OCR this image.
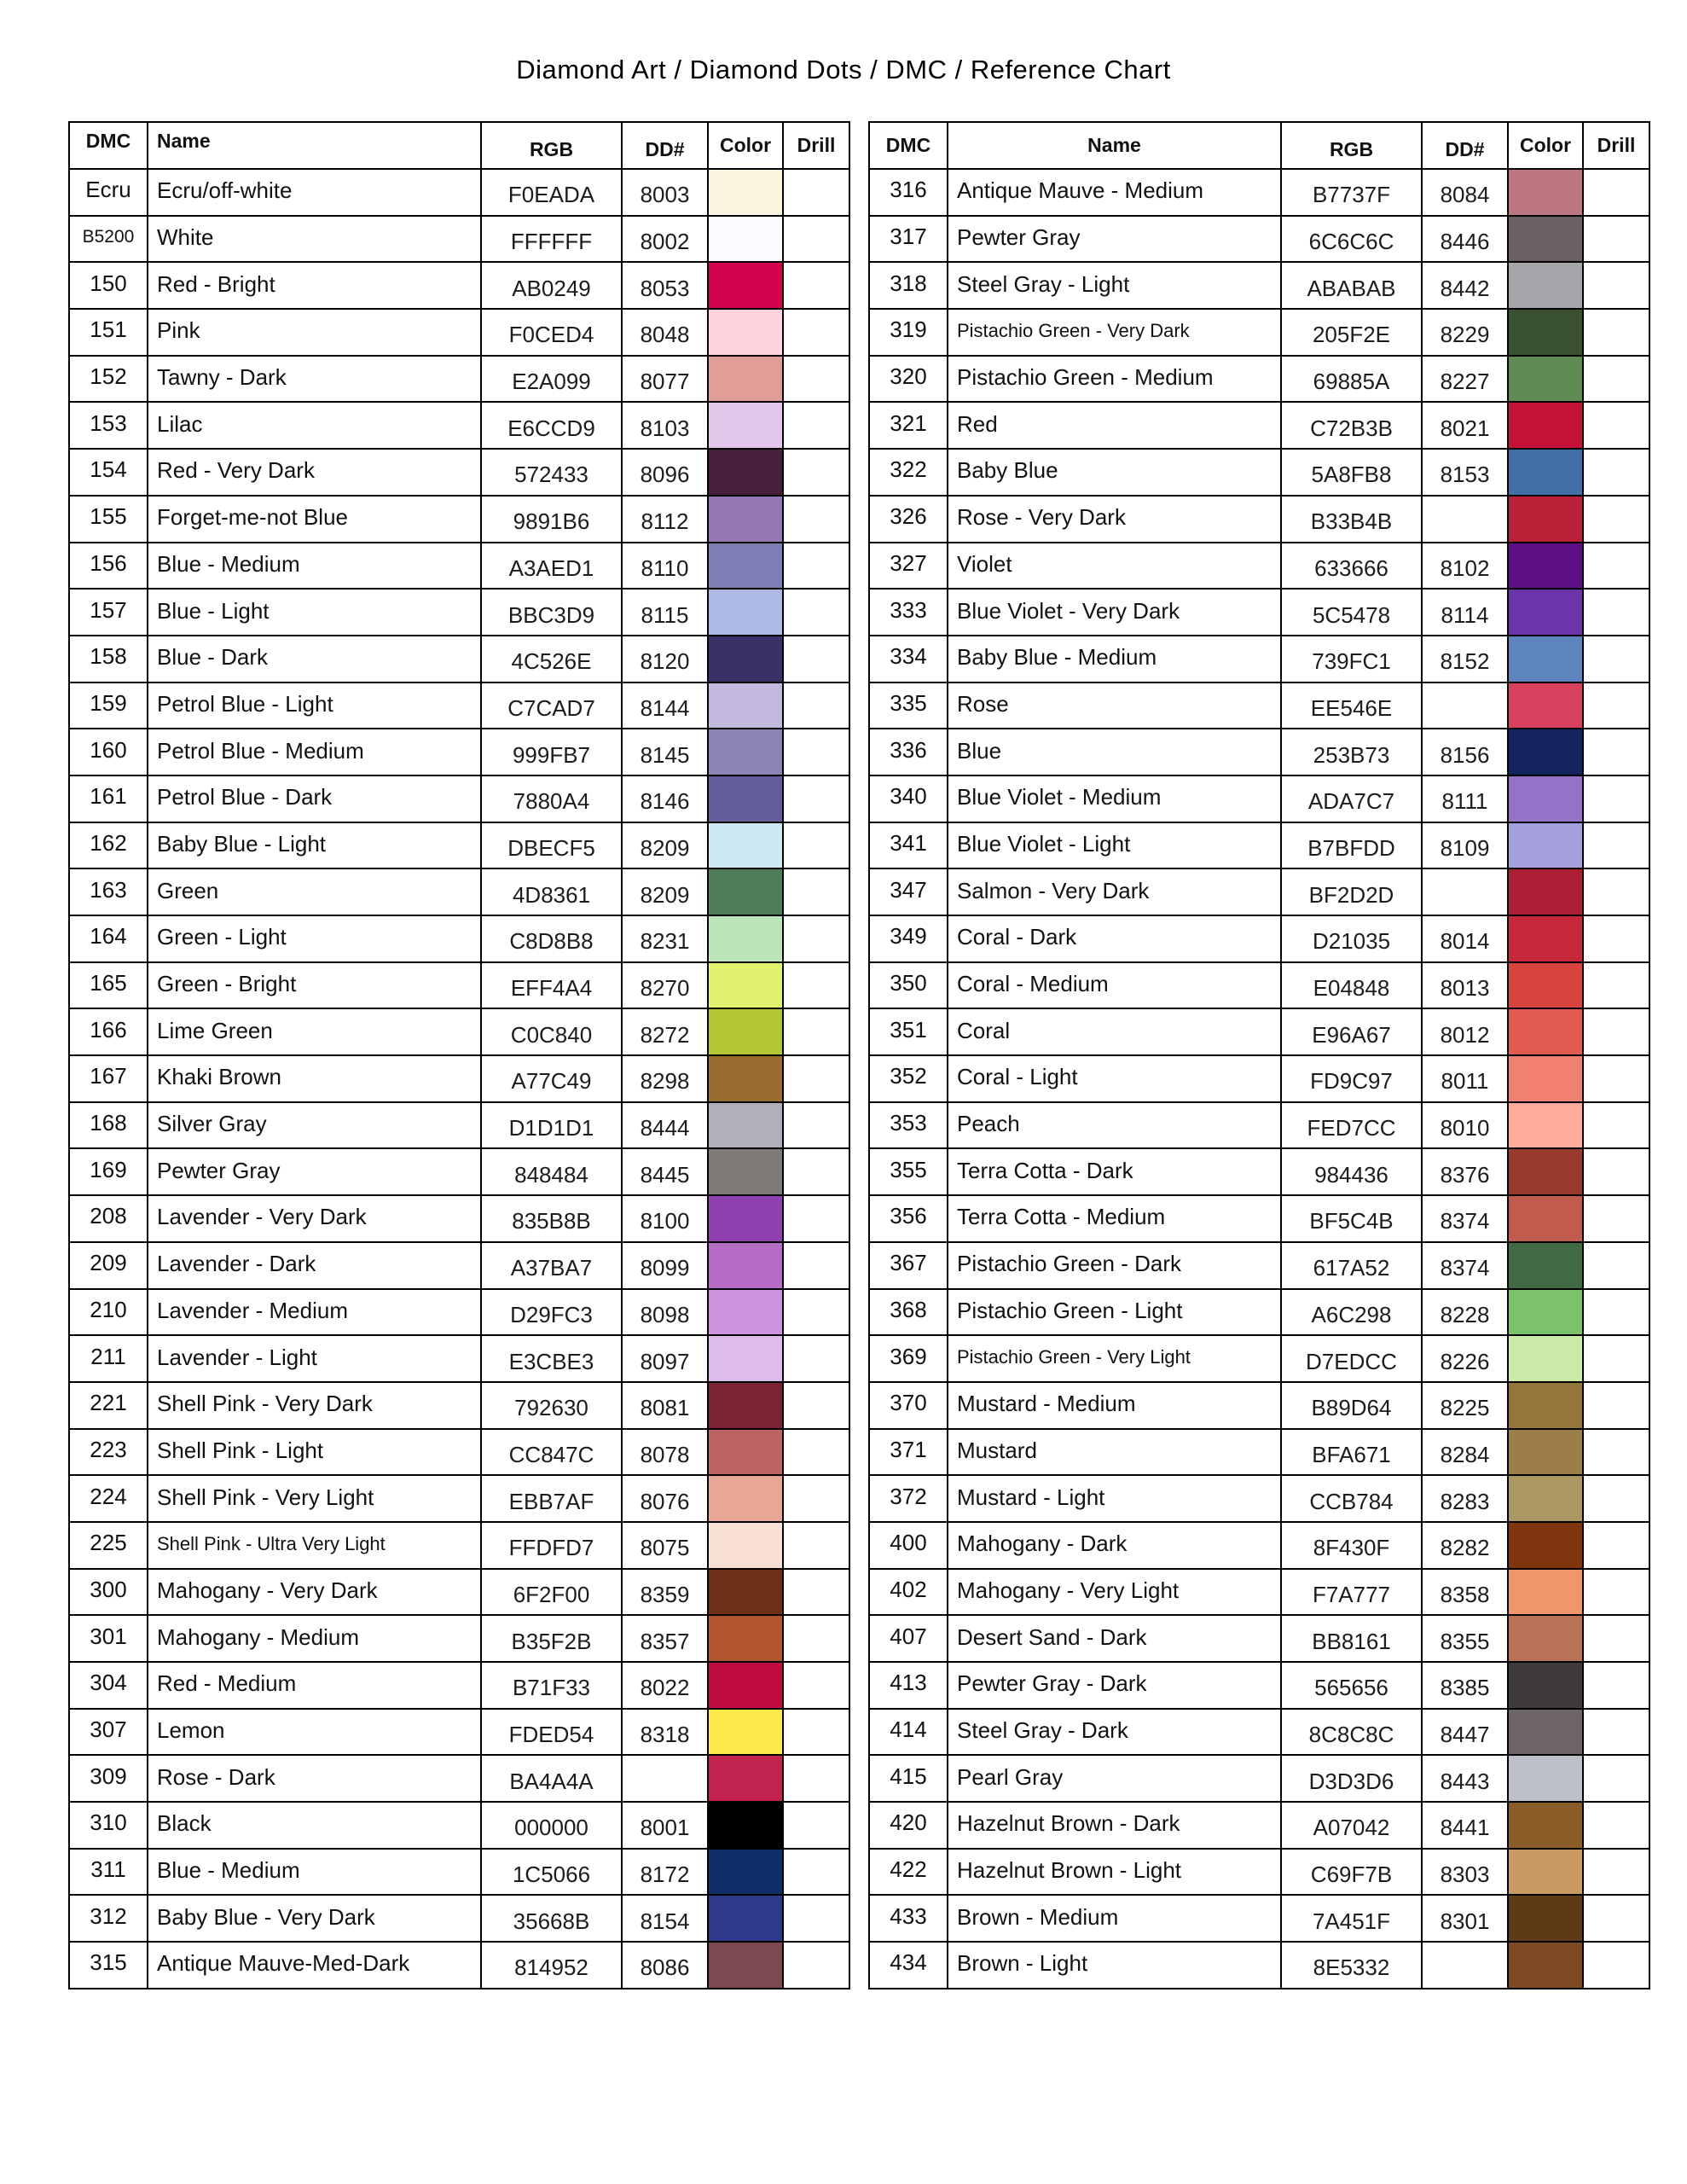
Diamond Art / Diamond Dots / DMC / Reference Chart
DMC	Name	RGB	DD#	Color	Drill
Ecru	Ecru/off-white	F0EADA	8003		
B5200	White	FFFFFF	8002		
150	Red - Bright	AB0249	8053		
151	Pink	F0CED4	8048		
152	Tawny - Dark	E2A099	8077		
153	Lilac	E6CCD9	8103		
154	Red - Very Dark	572433	8096		
155	Forget-me-not Blue	9891B6	8112		
156	Blue - Medium	A3AED1	8110		
157	Blue - Light	BBC3D9	8115		
158	Blue - Dark	4C526E	8120		
159	Petrol Blue - Light	C7CAD7	8144		
160	Petrol Blue - Medium	999FB7	8145		
161	Petrol Blue - Dark	7880A4	8146		
162	Baby Blue - Light	DBECF5	8209		
163	Green	4D8361	8209		
164	Green - Light	C8D8B8	8231		
165	Green - Bright	EFF4A4	8270		
166	Lime Green	C0C840	8272		
167	Khaki Brown	A77C49	8298		
168	Silver Gray	D1D1D1	8444		
169	Pewter Gray	848484	8445		
208	Lavender - Very Dark	835B8B	8100		
209	Lavender - Dark	A37BA7	8099		
210	Lavender - Medium	D29FC3	8098		
211	Lavender - Light	E3CBE3	8097		
221	Shell Pink - Very Dark	792630	8081		
223	Shell Pink - Light	CC847C	8078		
224	Shell Pink - Very Light	EBB7AF	8076		
225	Shell Pink - Ultra Very Light	FFDFD7	8075		
300	Mahogany - Very Dark	6F2F00	8359		
301	Mahogany - Medium	B35F2B	8357		
304	Red - Medium	B71F33	8022		
307	Lemon	FDED54	8318		
309	Rose - Dark	BA4A4A			
310	Black	000000	8001		
311	Blue - Medium	1C5066	8172		
312	Baby Blue - Very Dark	35668B	8154		
315	Antique Mauve-Med-Dark	814952	8086		
DMC	Name	RGB	DD#	Color	Drill
316	Antique Mauve - Medium	B7737F	8084		
317	Pewter Gray	6C6C6C	8446		
318	Steel Gray - Light	ABABAB	8442		
319	Pistachio Green - Very Dark	205F2E	8229		
320	Pistachio Green - Medium	69885A	8227		
321	Red	C72B3B	8021		
322	Baby Blue	5A8FB8	8153		
326	Rose - Very Dark	B33B4B			
327	Violet	633666	8102		
333	Blue Violet - Very Dark	5C5478	8114		
334	Baby Blue - Medium	739FC1	8152		
335	Rose	EE546E			
336	Blue	253B73	8156		
340	Blue Violet - Medium	ADA7C7	8111		
341	Blue Violet - Light	B7BFDD	8109		
347	Salmon - Very Dark	BF2D2D			
349	Coral - Dark	D21035	8014		
350	Coral - Medium	E04848	8013		
351	Coral	E96A67	8012		
352	Coral - Light	FD9C97	8011		
353	Peach	FED7CC	8010		
355	Terra Cotta - Dark	984436	8376		
356	Terra Cotta - Medium	BF5C4B	8374		
367	Pistachio Green - Dark	617A52	8374		
368	Pistachio Green - Light	A6C298	8228		
369	Pistachio Green - Very Light	D7EDCC	8226		
370	Mustard - Medium	B89D64	8225		
371	Mustard	BFA671	8284		
372	Mustard - Light	CCB784	8283		
400	Mahogany - Dark	8F430F	8282		
402	Mahogany - Very Light	F7A777	8358		
407	Desert Sand - Dark	BB8161	8355		
413	Pewter Gray - Dark	565656	8385		
414	Steel Gray - Dark	8C8C8C	8447		
415	Pearl Gray	D3D3D6	8443		
420	Hazelnut Brown - Dark	A07042	8441		
422	Hazelnut Brown - Light	C69F7B	8303		
433	Brown - Medium	7A451F	8301		
434	Brown - Light	8E5332			
